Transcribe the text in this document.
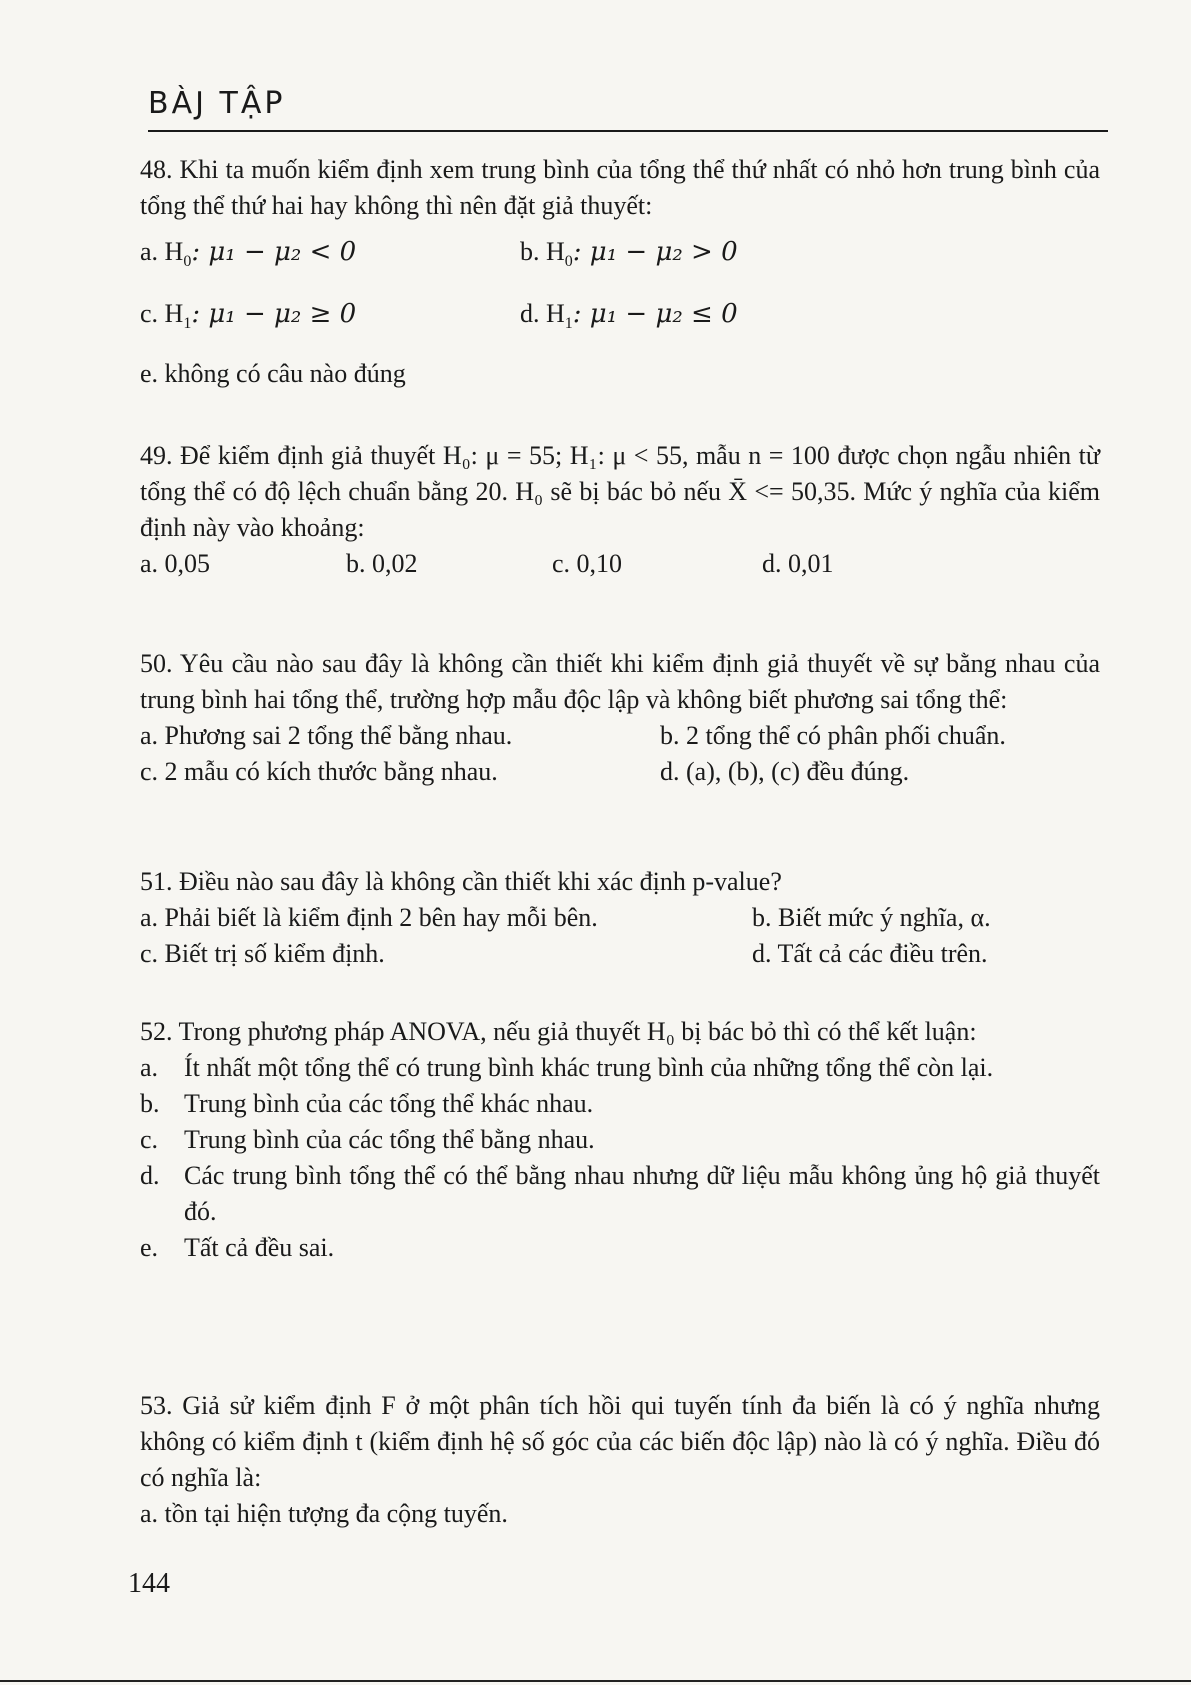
BÀJ TẬP

48. Khi ta muốn kiểm định xem trung bình của tổng thể thứ nhất có nhỏ hơn trung bình của tổng thể thứ hai hay không thì nên đặt giả thuyết:

a. $H_0$: μ₁ − μ₂ < 0	b. $H_0$: μ₁ − μ₂ > 0
c. $H_1$: μ₁ − μ₂ ≥ 0	d. $H_1$: μ₁ − μ₂ ≤ 0
e. không có câu nào đúng

49. Để kiểm định giả thuyết H₀: μ = 55; H₁: μ < 55, mẫu n = 100 được chọn ngẫu nhiên từ tổng thể có độ lệch chuẩn bằng 20. H₀ sẽ bị bác bỏ nếu X̄ <= 50,35. Mức ý nghĩa của kiểm định này vào khoảng:

a. 0,05	b. 0,02	c. 0,10	d. 0,01

50. Yêu cầu nào sau đây là không cần thiết khi kiểm định giả thuyết về sự bằng nhau của trung bình hai tổng thể, trường hợp mẫu độc lập và không biết phương sai tổng thể:

a. Phương sai 2 tổng thể bằng nhau.	b. 2 tổng thể có phân phối chuẩn.
c. 2 mẫu có kích thước bằng nhau.	d. (a), (b), (c) đều đúng.

51. Điều nào sau đây là không cần thiết khi xác định p-value?

a. Phải biết là kiểm định 2 bên hay mỗi bên.	b. Biết mức ý nghĩa, α.
c. Biết trị số kiểm định.	d. Tất cả các điều trên.

52. Trong phương pháp ANOVA, nếu giả thuyết H₀ bị bác bỏ thì có thể kết luận:

a. Ít nhất một tổng thể có trung bình khác trung bình của những tổng thể còn lại.
b. Trung bình của các tổng thể khác nhau.
c. Trung bình của các tổng thể bằng nhau.
d. Các trung bình tổng thể có thể bằng nhau nhưng dữ liệu mẫu không ủng hộ giả thuyết đó.
e. Tất cả đều sai.

53. Giả sử kiểm định F ở một phân tích hồi qui tuyến tính đa biến là có ý nghĩa nhưng không có kiểm định t (kiểm định hệ số góc của các biến độc lập) nào là có ý nghĩa. Điều đó có nghĩa là:

a. tồn tại hiện tượng đa cộng tuyến.
144
